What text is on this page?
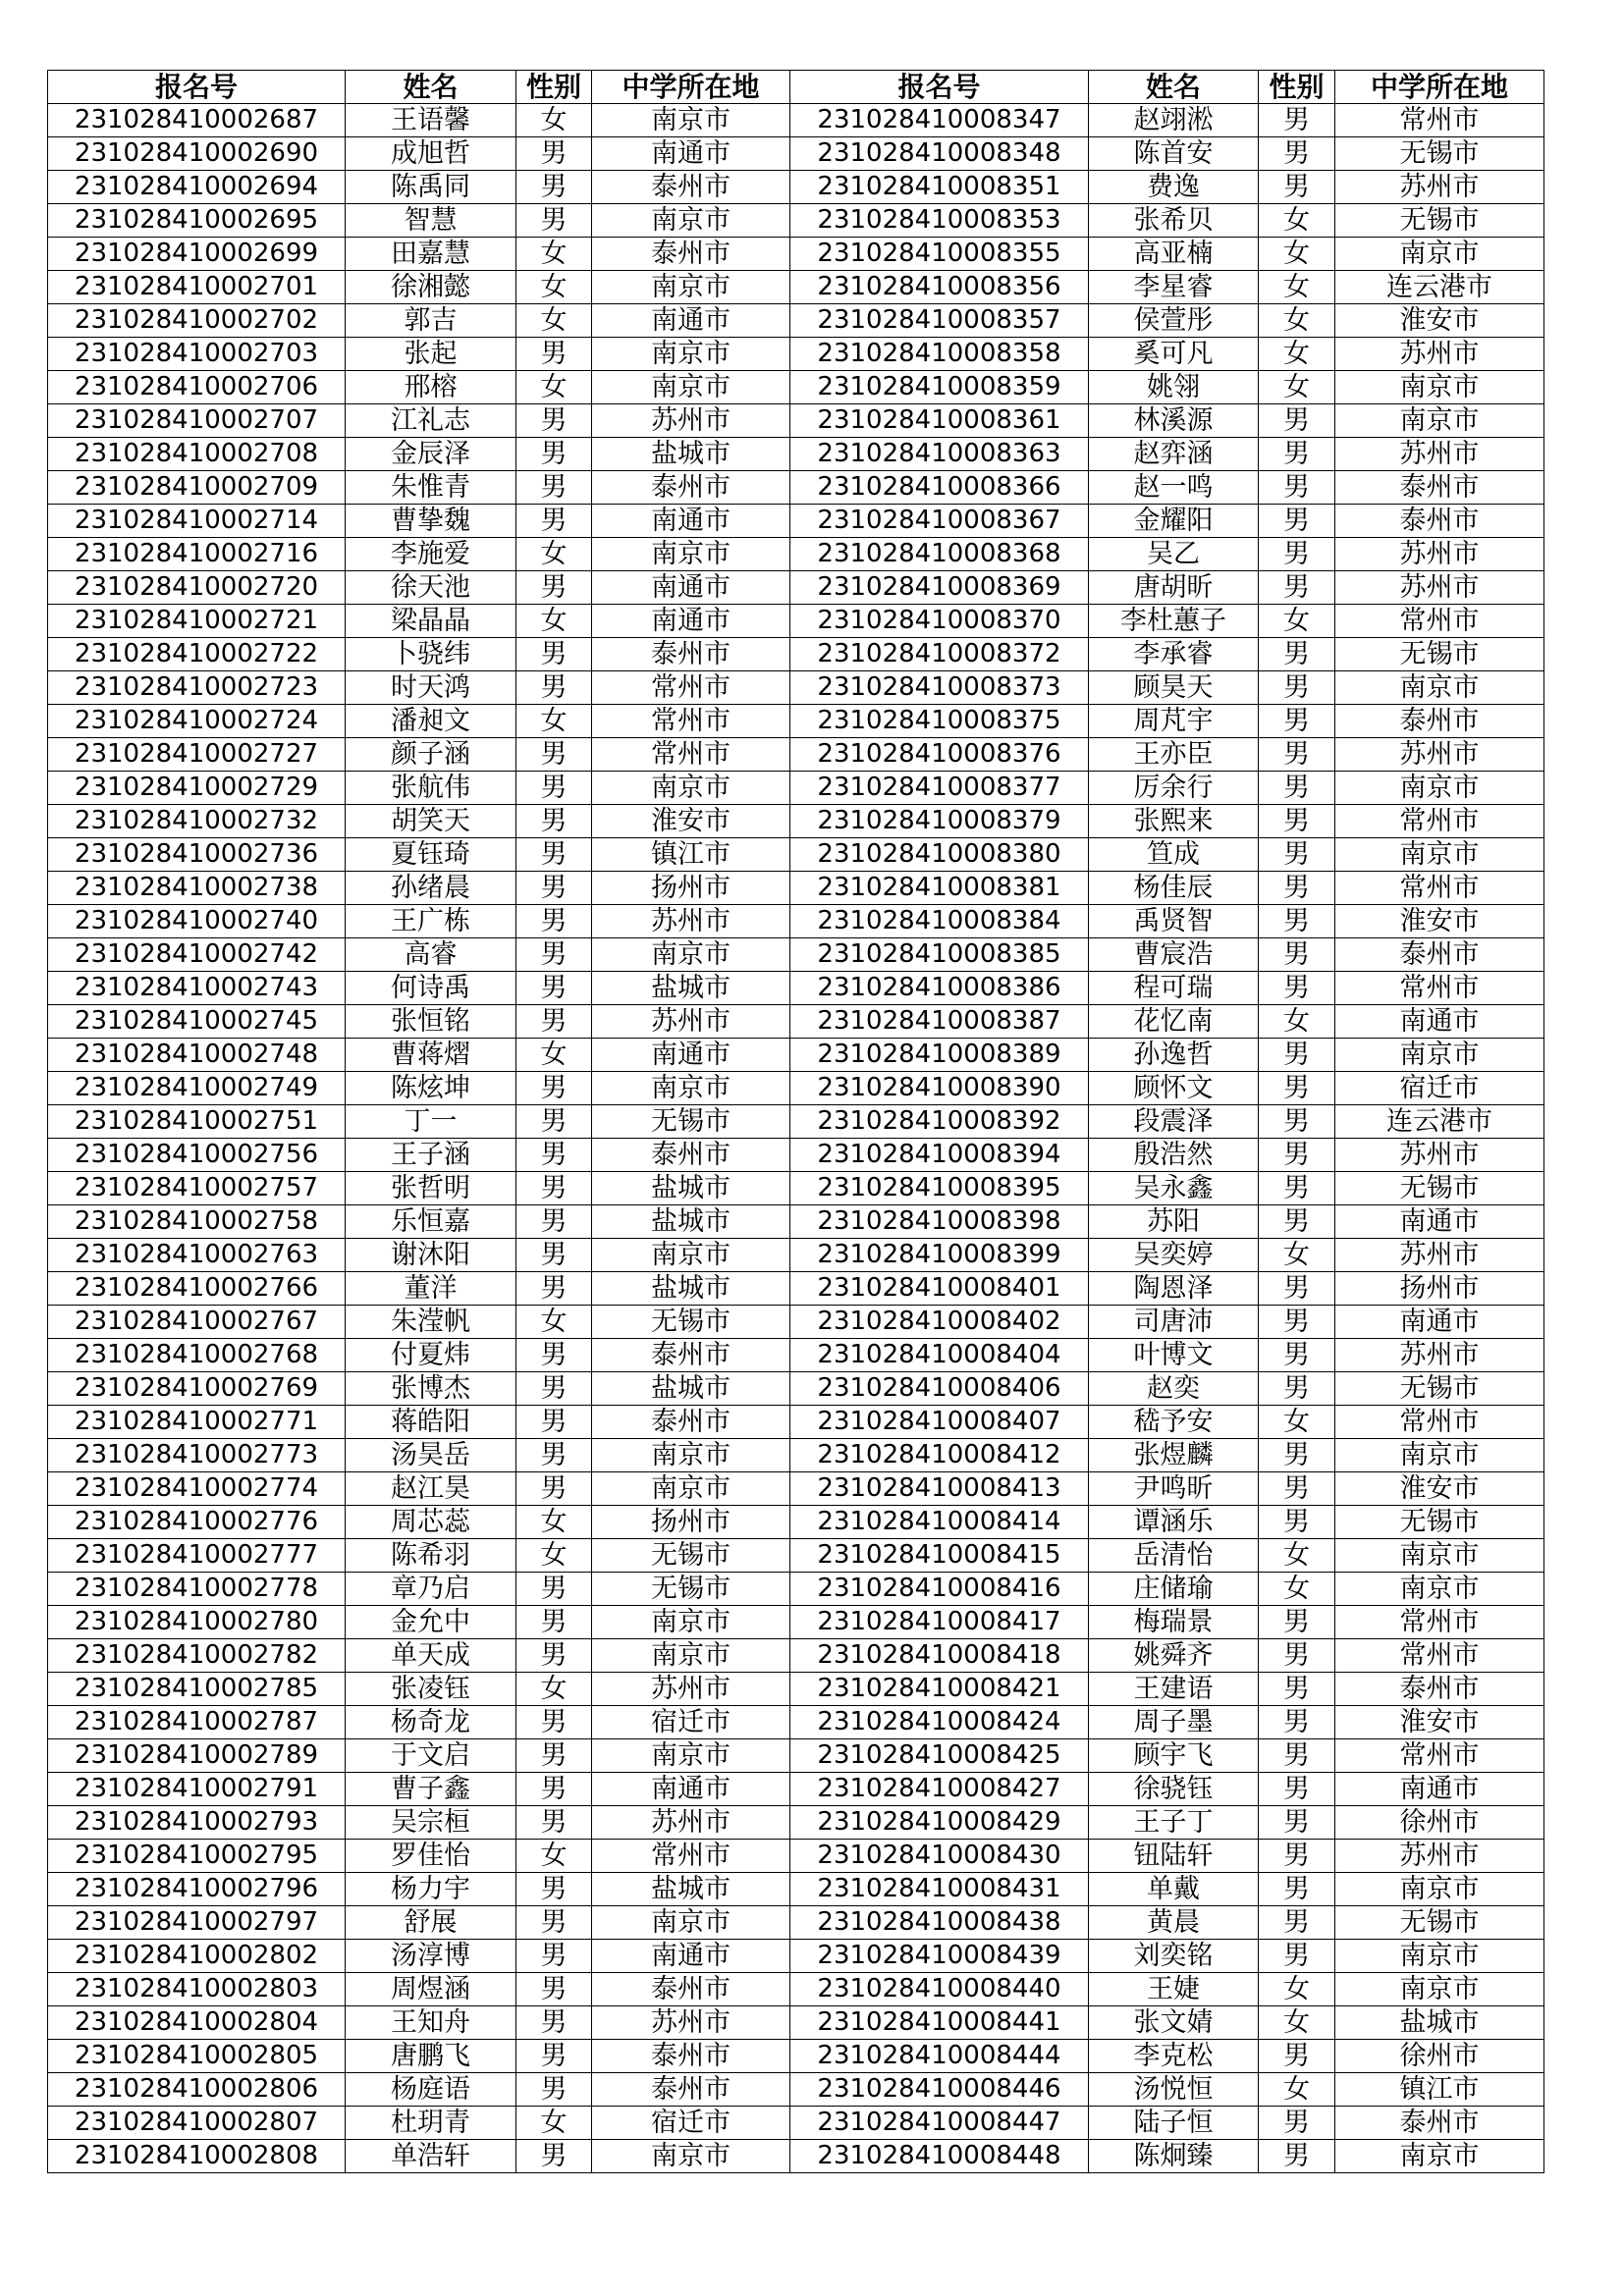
报名号	姓名	性别	中学所在地	报名号	姓名	性别	中学所在地
231028410002687	王语馨	女	南京市	231028410008347	赵翊淞	男	常州市
231028410002690	成旭哲	男	南通市	231028410008348	陈首安	男	无锡市
231028410002694	陈禹同	男	泰州市	231028410008351	费逸	男	苏州市
231028410002695	智慧	男	南京市	231028410008353	张希贝	女	无锡市
231028410002699	田嘉慧	女	泰州市	231028410008355	高亚楠	女	南京市
231028410002701	徐湘懿	女	南京市	231028410008356	李星睿	女	连云港市
231028410002702	郭吉	女	南通市	231028410008357	侯萱彤	女	淮安市
231028410002703	张起	男	南京市	231028410008358	奚可凡	女	苏州市
231028410002706	邢榕	女	南京市	231028410008359	姚翎	女	南京市
231028410002707	江礼志	男	苏州市	231028410008361	林溪源	男	南京市
231028410002708	金辰泽	男	盐城市	231028410008363	赵弈涵	男	苏州市
231028410002709	朱惟青	男	泰州市	231028410008366	赵一鸣	男	泰州市
231028410002714	曹挚魏	男	南通市	231028410008367	金耀阳	男	泰州市
231028410002716	李施爱	女	南京市	231028410008368	吴乙	男	苏州市
231028410002720	徐天池	男	南通市	231028410008369	唐胡昕	男	苏州市
231028410002721	梁晶晶	女	南通市	231028410008370	李杜蕙子	女	常州市
231028410002722	卜骁纬	男	泰州市	231028410008372	李承睿	男	无锡市
231028410002723	时天鸿	男	常州市	231028410008373	顾昊天	男	南京市
231028410002724	潘昶文	女	常州市	231028410008375	周芃宇	男	泰州市
231028410002727	颜子涵	男	常州市	231028410008376	王亦臣	男	苏州市
231028410002729	张航伟	男	南京市	231028410008377	厉余行	男	南京市
231028410002732	胡笑天	男	淮安市	231028410008379	张熙来	男	常州市
231028410002736	夏钰琦	男	镇江市	231028410008380	笪成	男	南京市
231028410002738	孙绪晨	男	扬州市	231028410008381	杨佳辰	男	常州市
231028410002740	王广栋	男	苏州市	231028410008384	禹贤智	男	淮安市
231028410002742	高睿	男	南京市	231028410008385	曹宸浩	男	泰州市
231028410002743	何诗禹	男	盐城市	231028410008386	程可瑞	男	常州市
231028410002745	张恒铭	男	苏州市	231028410008387	花忆南	女	南通市
231028410002748	曹蒋熠	女	南通市	231028410008389	孙逸哲	男	南京市
231028410002749	陈炫坤	男	南京市	231028410008390	顾怀文	男	宿迁市
231028410002751	丁一	男	无锡市	231028410008392	段震泽	男	连云港市
231028410002756	王子涵	男	泰州市	231028410008394	殷浩然	男	苏州市
231028410002757	张哲明	男	盐城市	231028410008395	吴永鑫	男	无锡市
231028410002758	乐恒嘉	男	盐城市	231028410008398	苏阳	男	南通市
231028410002763	谢沐阳	男	南京市	231028410008399	吴奕婷	女	苏州市
231028410002766	董洋	男	盐城市	231028410008401	陶恩泽	男	扬州市
231028410002767	朱滢帆	女	无锡市	231028410008402	司唐沛	男	南通市
231028410002768	付夏炜	男	泰州市	231028410008404	叶博文	男	苏州市
231028410002769	张博杰	男	盐城市	231028410008406	赵奕	男	无锡市
231028410002771	蒋皓阳	男	泰州市	231028410008407	嵇予安	女	常州市
231028410002773	汤昊岳	男	南京市	231028410008412	张煜麟	男	南京市
231028410002774	赵江昊	男	南京市	231028410008413	尹鸣昕	男	淮安市
231028410002776	周芯蕊	女	扬州市	231028410008414	谭涵乐	男	无锡市
231028410002777	陈希羽	女	无锡市	231028410008415	岳清怡	女	南京市
231028410002778	章乃启	男	无锡市	231028410008416	庄储瑜	女	南京市
231028410002780	金允中	男	南京市	231028410008417	梅瑞景	男	常州市
231028410002782	单天成	男	南京市	231028410008418	姚舜齐	男	常州市
231028410002785	张凌钰	女	苏州市	231028410008421	王建语	男	泰州市
231028410002787	杨奇龙	男	宿迁市	231028410008424	周子墨	男	淮安市
231028410002789	于文启	男	南京市	231028410008425	顾宇飞	男	常州市
231028410002791	曹子鑫	男	南通市	231028410008427	徐骁钰	男	南通市
231028410002793	吴宗桓	男	苏州市	231028410008429	王子丁	男	徐州市
231028410002795	罗佳怡	女	常州市	231028410008430	钮陆轩	男	苏州市
231028410002796	杨力宇	男	盐城市	231028410008431	单戴	男	南京市
231028410002797	舒展	男	南京市	231028410008438	黄晨	男	无锡市
231028410002802	汤淳博	男	南通市	231028410008439	刘奕铭	男	南京市
231028410002803	周煜涵	男	泰州市	231028410008440	王婕	女	南京市
231028410002804	王知舟	男	苏州市	231028410008441	张文婧	女	盐城市
231028410002805	唐鹏飞	男	泰州市	231028410008444	李克松	男	徐州市
231028410002806	杨庭语	男	泰州市	231028410008446	汤悦恒	女	镇江市
231028410002807	杜玥青	女	宿迁市	231028410008447	陆子恒	男	泰州市
231028410002808	单浩轩	男	南京市	231028410008448	陈炯臻	男	南京市
